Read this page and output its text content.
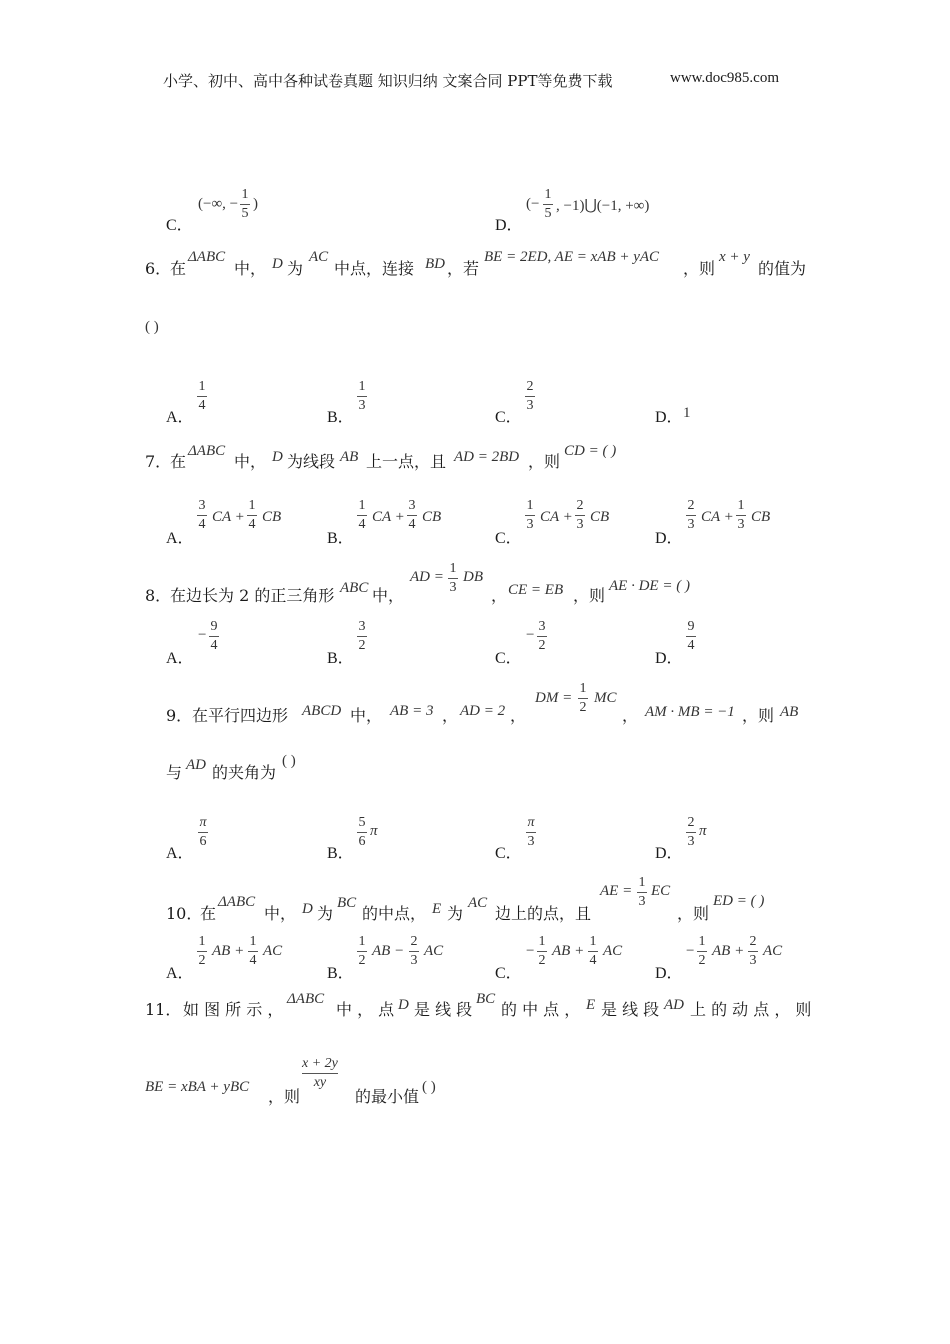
小学、初中、高中各种试卷真题 知识归纳 文案合同 PPT等免费下载	www.doc985.com
C．
(−∞, −
1
5
)
D．
(−
1
5 , −1)⋃(−1, +∞)
6．
在
ΔABC
中， D 为
AC
中点，连接 BD ，若
BE = 2ED, AE = xAB + yAC
，则
x + y
的值为
( )
A．
1
4
B．
1
3
C．
2
3
D． 1
7．
在
ΔABC
中， D 为线段 AB 上一点，且 AD = 2BD ，则
CD = ( )
A．
3
4 CA +
1
4 CB
B．
1
4 CA +
3
4 CB
C．
1
3 CA +
2
3 CB
D．
2
3 CA +
1
3 CB
8．
在边长为 2 的正三角形 ABC 中，
AD =
1
3
DB
， CE = EB ，则 AE · DE = ( )
A．
−
9
4
B．
3
2
C．
−
3
2
D．
9
4
9． 在平行四边形 ABCD 中， AB = 3 ， AD = 2 ，
DM =
1
2
MC
， AM · MB = −1 ，则 AB
与 AD 的夹角为
( )
A．
π
6
B．
5
6
π
C．
π
3
D．
2
3
π
10．
在
ΔABC
中， D 为
BC
的中点， E 为
AC
边上的点，且
AE =
1
3
EC
，则
ED = ( )
A．
1
2
AB +
1
4
AC
B．
1
2
AB −
2
3
AC
C．
−
1
2
AB +
1
4
AC
D．
−
1
2
AB +
2
3
AC
11． 如 图 所 示 ，
ΔABC
中 ， 点 D 是 线 段
BC
的 中 点 ， E 是 线 段 AD 上 的 动 点 ， 则
BE = xBA + yBC ，则
x + 2y
xy
的最小值 ( )
